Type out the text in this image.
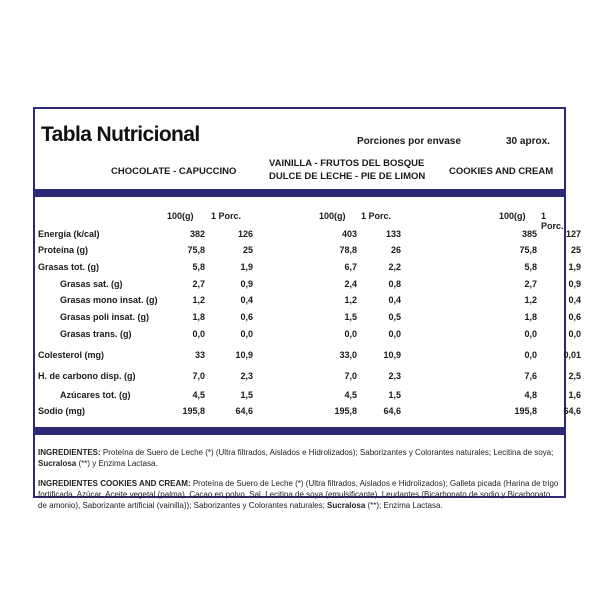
Tabla Nutricional	Porciones por envase	30 aprox.
CHOCOLATE - CAPUCCINO
VAINILLA - FRUTOS DEL BOSQUE
DULCE DE LECHE - PIE DE LIMON	COOKIES AND CREAM
100(g) 1 Porc.	100(g) 1 Porc.	100(g) 1 Porc.
Energía (k/cal)	382	126	403	133	385	127
Proteína (g)	75,8	25	78,8	26	75,8	25
Grasas tot. (g)	5,8	1,9	6,7	2,2	5,8	1,9
Grasas sat. (g)	2,7	0,9	2,4	0,8	2,7	0,9
Grasas mono insat. (g)	1,2	0,4	1,2	0,4	1,2	0,4
Grasas poli insat. (g)	1,8	0,6	1,5	0,5	1,8	0,6
Grasas trans. (g)	0,0	0,0	0,0	0,0	0,0	0,0
Colesterol (mg)	33	10,9	33,0	10,9	0,0	0,01
H. de carbono disp. (g)	7,0	2,3	7,0	2,3	7,6	2,5
Azúcares tot. (g)	4,5	1,5	4,5	1,5	4,8	1,6
Sodio (mg)	195,8	64,6	195,8	64,6	195,8	64,6
INGREDIENTES: Proteína de Suero de Leche (*) (Ultra filtrados, Aislados e Hidrolizados); Saborizantes y Colorantes naturales; Lecitina de soya; Sucralosa (**) y Enzima Lactasa.
INGREDIENTES COOKIES AND CREAM: Proteína de Suero de Leche (*) (Ultra filtrados, Aislados e Hidrolizados); Galleta picada (Harina de trigo fortificada, Azúcar, Aceite vegetal (palma), Cacao en polvo, Sal, Lecitina de soya (emulsificante), Leudantes (Bicarbonato de sodio y Bicarbonato de amonio), Saborizante artificial (vainilla)); Saborizantes y Colorantes naturales; Sucralosa (**); Enzima Lactasa.
